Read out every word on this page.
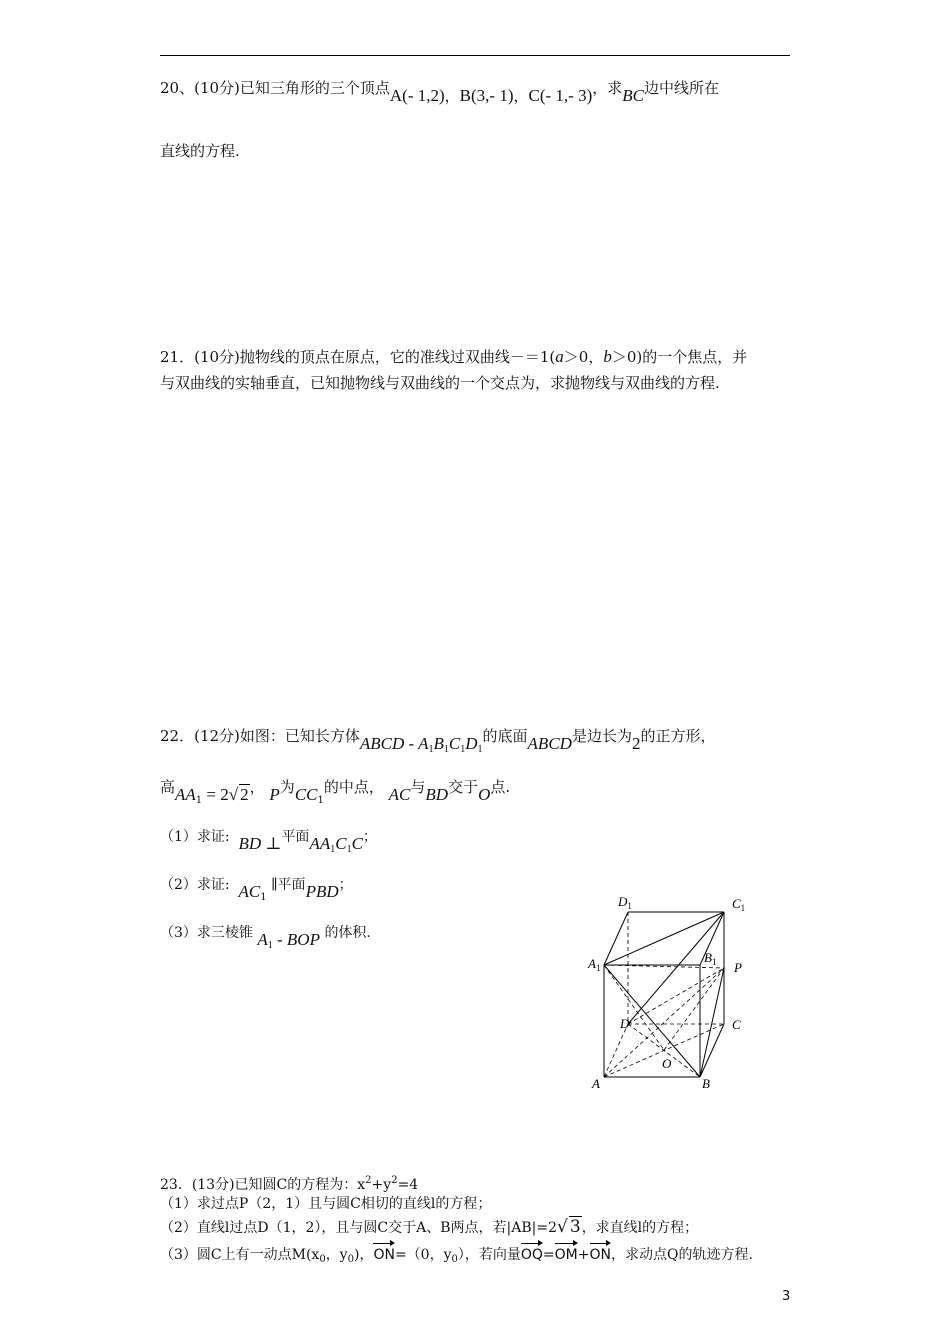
20、(10分)已知三角形的三个顶点A(- 1,2)，B(3,- 1)，C(- 1,- 3)，求BC边中线所在
直线的方程.
21．(10分)抛物线的顶点在原点，它的准线过双曲线－＝1(a＞0，b＞0)的一个焦点，并
与双曲线的实轴垂直，已知抛物线与双曲线的一个交点为，求抛物线与双曲线的方程.
22．(12分)如图：已知长方体ABCD - $A_1B_1C_1D_1$的底面ABCD是边长为2的正方形，
高$AA_1 = 2√$ 2， P为$CC_1$的中点， AC与BD交于O点.
（1）求证: BD ⊥平面$AA_1C_1C$；
（2）求证: $AC_1$ ∥平面PBD；
（3）求三棱锥 $A_1$ - BOP 的体积.
$D_1$	$C_1$
$A_1$
$B_1$ P
D	C
O
A	B
23．(13分)已知圆C的方程为：$x^2+y^2=4$
（1）求过点P（2，1）且与圆C相切的直线l的方程；
（2）直线l过点D（1，2），且与圆C交于A、B两点，若|AB|=2√ 3，求直线l的方程；
（3）圆C上有一动点$M(x_0$，$y_0$)，ON=（0，$y_0$），若向量OQ=OM+ON，求动点Q的轨迹方程.
3
